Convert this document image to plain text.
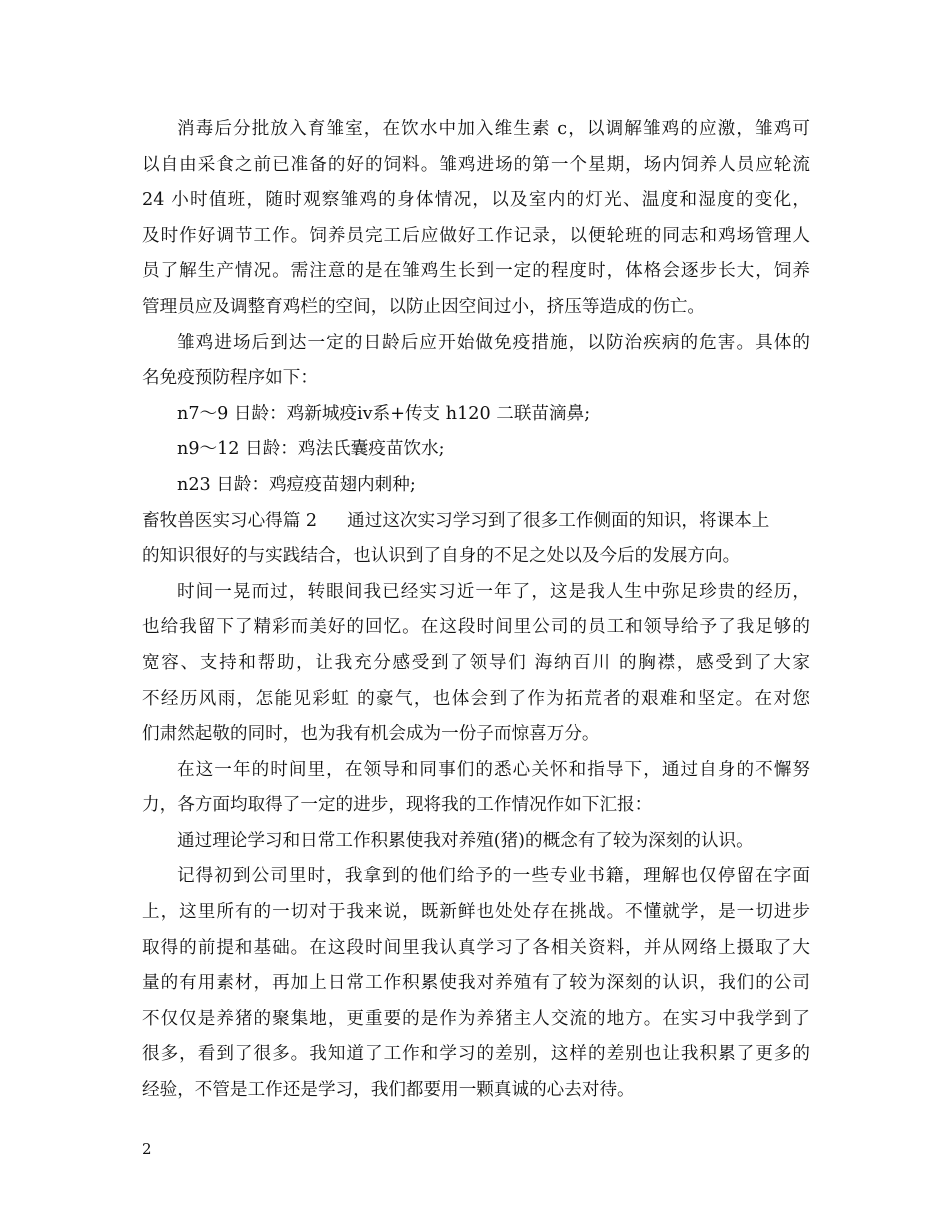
消毒后分批放入育雏室，在饮水中加入维生素 c，以调解雏鸡的应激，雏鸡可
以自由采食之前已准备的好的饲料。雏鸡进场的第一个星期，场内饲养人员应轮流
24 小时值班，随时观察雏鸡的身体情况，以及室内的灯光、温度和湿度的变化，
及时作好调节工作。饲养员完工后应做好工作记录，以便轮班的同志和鸡场管理人
员了解生产情况。需注意的是在雏鸡生长到一定的程度时，体格会逐步长大，饲养
管理员应及调整育鸡栏的空间，以防止因空间过小，挤压等造成的伤亡。
雏鸡进场后到达一定的日龄后应开始做免疫措施，以防治疾病的危害。具体的
名免疫预防程序如下：
n7～9 日龄：鸡新城疫ⅳ系+传支 h120 二联苗滴鼻;
n9～12 日龄：鸡法氏囊疫苗饮水;
n23 日龄：鸡痘疫苗翅内刺种;
畜牧兽医实习心得篇 2 通过这次实习学习到了很多工作侧面的知识，将课本上
的知识很好的与实践结合，也认识到了自身的不足之处以及今后的发展方向。
时间一晃而过，转眼间我已经实习近一年了，这是我人生中弥足珍贵的经历，
也给我留下了精彩而美好的回忆。在这段时间里公司的员工和领导给予了我足够的
宽容、支持和帮助，让我充分感受到了领导们 海纳百川 的胸襟，感受到了大家
不经历风雨，怎能见彩虹 的豪气，也体会到了作为拓荒者的艰难和坚定。在对您
们肃然起敬的同时，也为我有机会成为一份子而惊喜万分。
在这一年的时间里，在领导和同事们的悉心关怀和指导下，通过自身的不懈努
力，各方面均取得了一定的进步，现将我的工作情况作如下汇报：
通过理论学习和日常工作积累使我对养殖(猪)的概念有了较为深刻的认识。
记得初到公司里时，我拿到的他们给予的一些专业书籍，理解也仅停留在字面
上，这里所有的一切对于我来说，既新鲜也处处存在挑战。不懂就学，是一切进步
取得的前提和基础。在这段时间里我认真学习了各相关资料，并从网络上摄取了大
量的有用素材，再加上日常工作积累使我对养殖有了较为深刻的认识，我们的公司
不仅仅是养猪的聚集地，更重要的是作为养猪主人交流的地方。在实习中我学到了
很多，看到了很多。我知道了工作和学习的差别，这样的差别也让我积累了更多的
经验，不管是工作还是学习，我们都要用一颗真诚的心去对待。
2
